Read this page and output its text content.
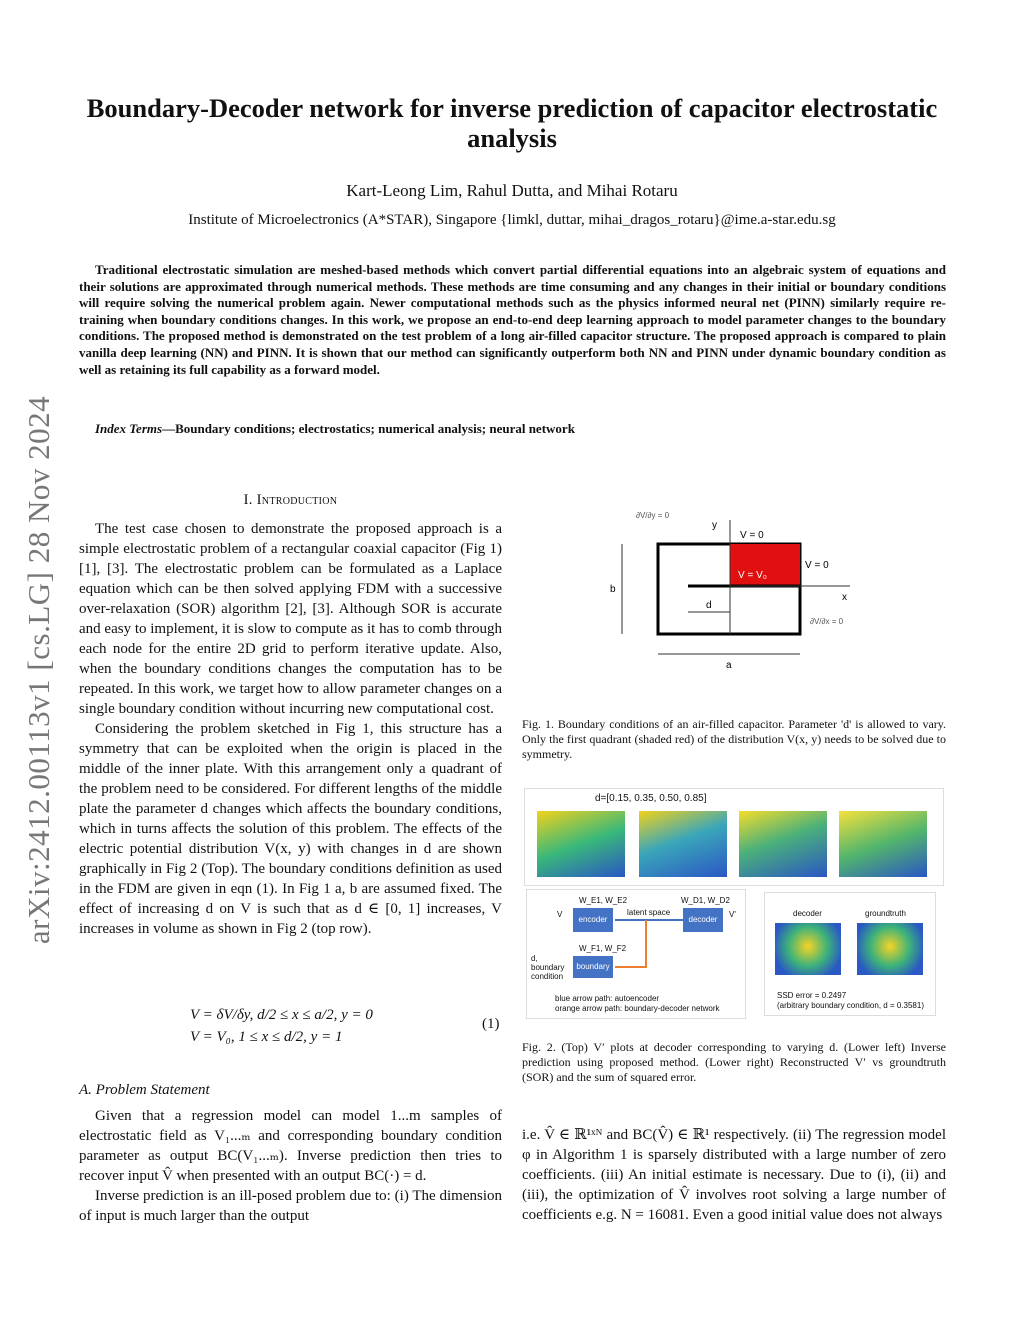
arXiv:2412.00113v1 [cs.LG] 28 Nov 2024
Boundary-Decoder network for inverse prediction of capacitor electrostatic analysis
Kart-Leong Lim, Rahul Dutta, and Mihai Rotaru
Institute of Microelectronics (A*STAR), Singapore {limkl, duttar, mihai_dragos_rotaru}@ime.a-star.edu.sg
Traditional electrostatic simulation are meshed-based methods which convert partial differential equations into an algebraic system of equations and their solutions are approximated through numerical methods. These methods are time consuming and any changes in their initial or boundary conditions will require solving the numerical problem again. Newer computational methods such as the physics informed neural net (PINN) similarly require re-training when boundary conditions changes. In this work, we propose an end-to-end deep learning approach to model parameter changes to the boundary conditions. The proposed method is demonstrated on the test problem of a long air-filled capacitor structure. The proposed approach is compared to plain vanilla deep learning (NN) and PINN. It is shown that our method can significantly outperform both NN and PINN under dynamic boundary condition as well as retaining its full capability as a forward model.
Index Terms—Boundary conditions; electrostatics; numerical analysis; neural network
I. Introduction

The test case chosen to demonstrate the proposed approach is a simple electrostatic problem of a rectangular coaxial capacitor (Fig 1) [1], [3]. The electrostatic problem can be formulated as a Laplace equation which can be then solved applying FDM with a successive over-relaxation (SOR) algorithm [2], [3]. Although SOR is accurate and easy to implement, it is slow to compute as it has to comb through each node for the entire 2D grid to perform iterative update. Also, when the boundary conditions changes the computation has to be repeated. In this work, we target how to allow parameter changes on a single boundary condition without incurring new computational cost.

Considering the problem sketched in Fig 1, this structure has a symmetry that can be exploited when the origin is placed in the middle of the inner plate. With this arrangement only a quadrant of the problem need to be considered. For different lengths of the middle plate the parameter d changes which affects the boundary conditions, which in turns affects the solution of this problem. The effects of the electric potential distribution V(x, y) with changes in d are shown graphically in Fig 2 (Top). The boundary conditions definition as used in the FDM are given in eqn (1). In Fig 1 a, b are assumed fixed. The effect of increasing d on V is such that as d ∈ [0, 1] increases, V increases in volume as shown in Fig 2 (top row).

V = δV/δy, d/2 ≤ x ≤ a/2, y = 0
V = V₀, 1 ≤ x ≤ d/2, y = 1
(1)
A. Problem Statement

Given that a regression model can model 1...m samples of electrostatic field as V₁...ₘ and corresponding boundary condition parameter as output BC(V₁...ₘ). Inverse prediction then tries to recover input V̂ when presented with an output BC(·) = d.

Inverse prediction is an ill-posed problem due to: (i) The dimension of input is much larger than the output

V = 0
V = 0
V = V₀
b
a
d
x
y
∂V/∂y = 0
∂V/∂x = 0
Fig. 1. Boundary conditions of an air-filled capacitor. Parameter 'd' is allowed to vary. Only the first quadrant (shaded red) of the distribution V(x, y) needs to be solved due to symmetry.
d=[0.15, 0.35, 0.50, 0.85]
encoder	decoder
boundary
latent space
V	V'
W_E1, W_E2	W_D1, W_D2
W_F1, W_F2
d, boundary condition
blue arrow path: autoencoder
orange arrow path: boundary-decoder network
decoder	groundtruth
SSD error = 0.2497
(arbitrary boundary condition, d = 0.3581)
Fig. 2. (Top) V′ plots at decoder corresponding to varying d. (Lower left) Inverse prediction using proposed method. (Lower right) Reconstructed V′ vs groundtruth (SOR) and the sum of squared error.

i.e. V̂ ∈ ℝ¹ˣᴺ and BC(V̂) ∈ ℝ¹ respectively. (ii) The regression model φ in Algorithm 1 is sparsely distributed with a large number of zero coefficients. (iii) An initial estimate is necessary. Due to (i), (ii) and (iii), the optimization of V̂ involves root solving a large number of coefficients e.g. N = 16081. Even a good initial value does not always
